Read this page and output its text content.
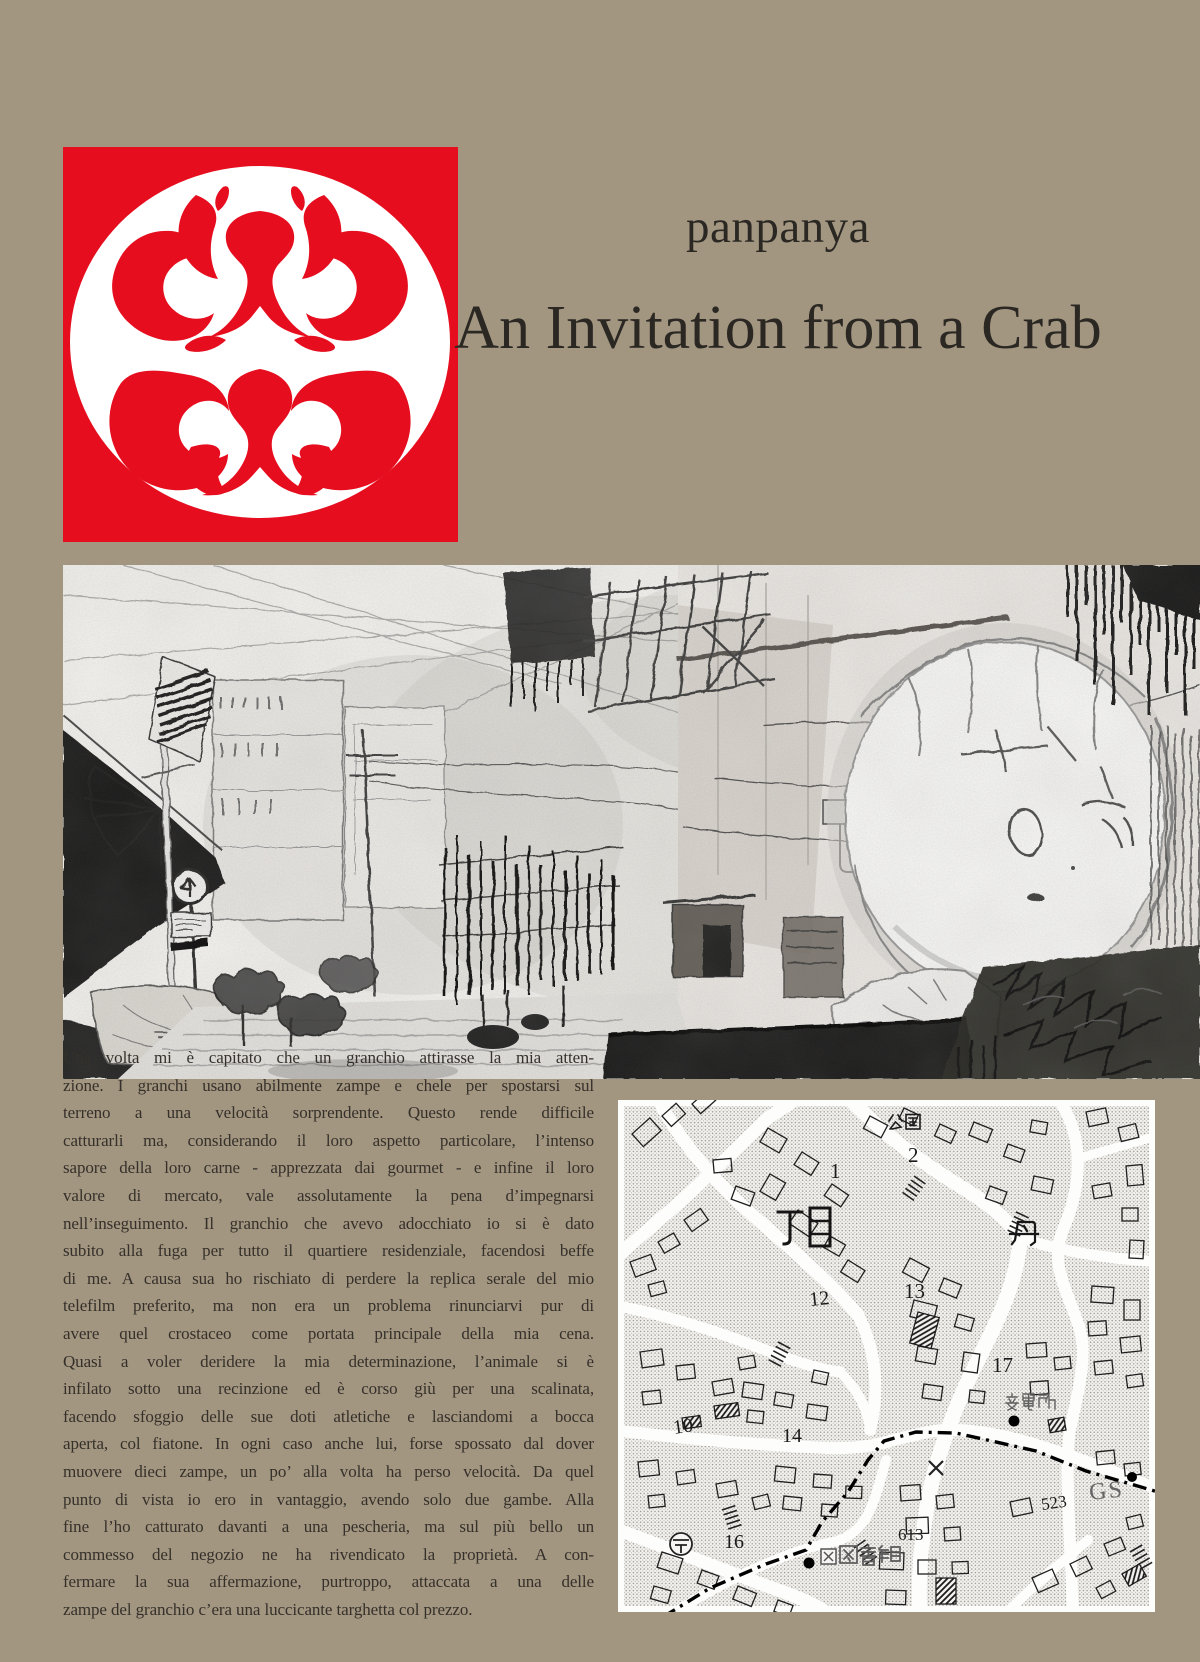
panpanya
An Invitation from a Crab
Una volta mi è capitato che un granchio attirasse la mia atten-
zione. I granchi usano abilmente zampe e chele per spostarsi sul
terreno a una velocità sorprendente. Questo rende difficile
catturarli ma, considerando il loro aspetto particolare, l’intenso
sapore della loro carne - apprezzata dai gourmet - e infine il loro
valore di mercato, vale assolutamente la pena d’impegnarsi
nell’inseguimento. Il granchio che avevo adocchiato io si è dato
subito alla fuga per tutto il quartiere residenziale, facendosi beffe
di me. A causa sua ho rischiato di perdere la replica serale del mio
telefilm preferito, ma non era un problema rinunciarvi pur di
avere quel crostaceo come portata principale della mia cena.
Quasi a voler deridere la mia determinazione, l’animale si è
infilato sotto una recinzione ed è corso giù per una scalinata,
facendo sfoggio delle sue doti atletiche e lasciandomi a bocca
aperta, col fiatone. In ogni caso anche lui, forse spossato dal dover
muovere dieci zampe, un po’ alla volta ha perso velocità. Da quel
punto di vista io ero in vantaggio, avendo solo due gambe. Alla
fine l’ho catturato davanti a una pescheria, ma sul più bello un
commesso del negozio ne ha rivendicato la proprietà. A con-
fermare la sua affermazione, purtroppo, attaccata a una delle
zampe del granchio c’era una luccicante targhetta col prezzo.
1
2
12	13
17
10	14
16	613
523 GS
